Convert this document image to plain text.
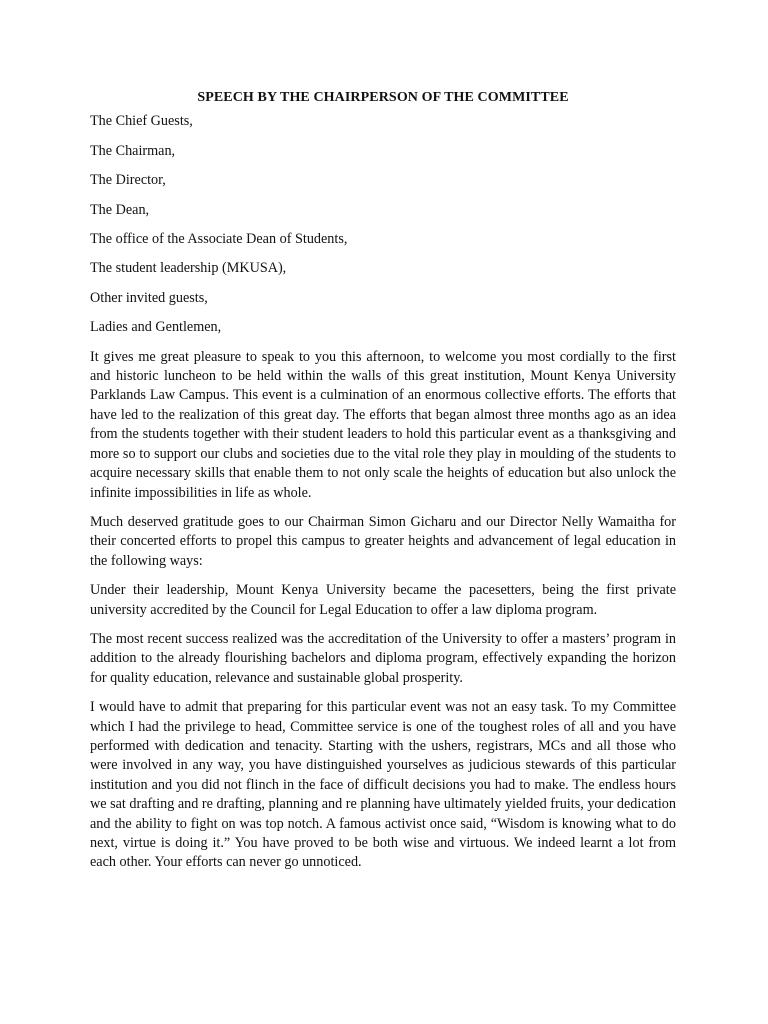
SPEECH BY THE CHAIRPERSON OF THE COMMITTEE
The Chief Guests,
The Chairman,
The Director,
The Dean,
The office of the Associate Dean of Students,
The student leadership (MKUSA),
Other invited guests,
Ladies and Gentlemen,

It gives me great pleasure to speak to you this afternoon, to welcome you most cordially to the first and historic luncheon to be held within the walls of this great institution, Mount Kenya University Parklands Law Campus. This event is a culmination of an enormous collective efforts. The efforts that have led to the realization of this great day. The efforts that began almost three months ago as an idea from the students together with their student leaders to hold this particular event as a thanksgiving and more so to support our clubs and societies due to the vital role they play in moulding of the students to acquire necessary skills that enable them to not only scale the heights of education but also unlock the infinite impossibilities in life as whole.

Much deserved gratitude goes to our Chairman Simon Gicharu and our Director Nelly Wamaitha for their concerted efforts to propel this campus to greater heights and advancement of legal education in the following ways:

Under their leadership, Mount Kenya University became the pacesetters, being the first private university accredited by the Council for Legal Education to offer a law diploma program.

The most recent success realized was the accreditation of the University to offer a masters’ program in addition to the already flourishing bachelors and diploma program, effectively expanding the horizon for quality education, relevance and sustainable global prosperity.

I would have to admit that preparing for this particular event was not an easy task. To my Committee which I had the privilege to head, Committee service is one of the toughest roles of all and you have performed with dedication and tenacity. Starting with the ushers, registrars, MCs and all those who were involved in any way, you have distinguished yourselves as judicious stewards of this particular institution and you did not flinch in the face of difficult decisions you had to make. The endless hours we sat drafting and re drafting, planning and re planning have ultimately yielded fruits, your dedication and the ability to fight on was top notch. A famous activist once said, “Wisdom is knowing what to do next, virtue is doing it.” You have proved to be both wise and virtuous. We indeed learnt a lot from each other. Your efforts can never go unnoticed.
